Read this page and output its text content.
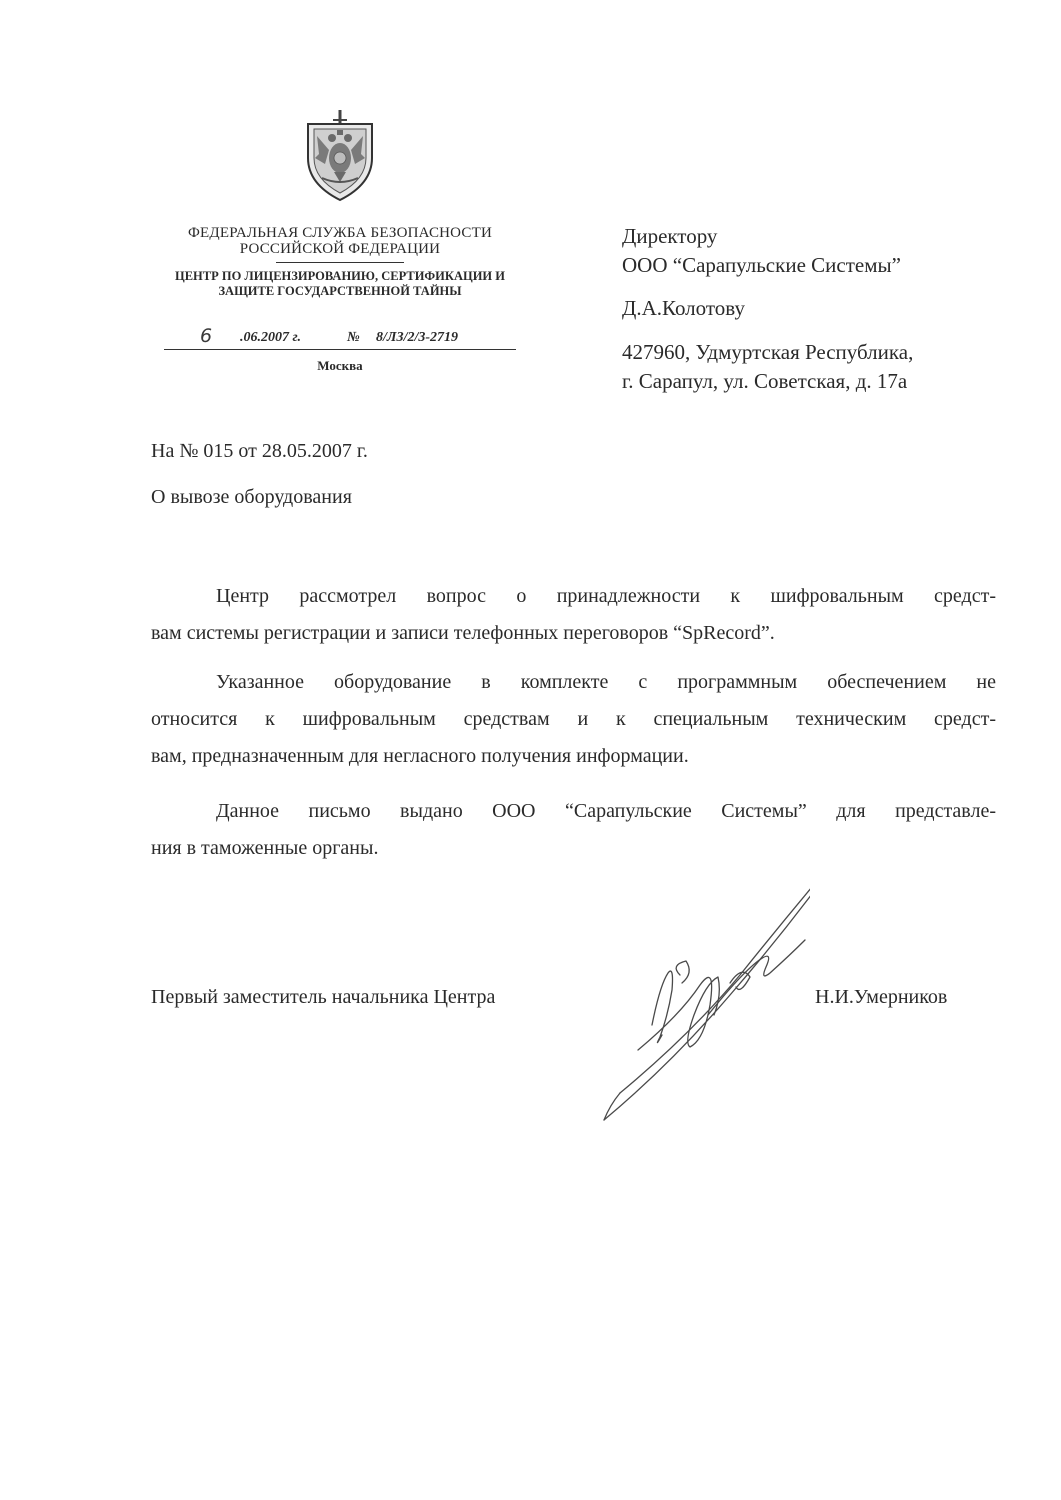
ФЕДЕРАЛЬНАЯ СЛУЖБА БЕЗОПАСНОСТИ
РОССИЙСКОЙ ФЕДЕРАЦИИ
ЦЕНТР ПО ЛИЦЕНЗИРОВАНИЮ, СЕРТИФИКАЦИИ И
ЗАЩИТЕ ГОСУДАРСТВЕННОЙ ТАЙНЫ
6 .06.2007 г.	№ 8/ЛЗ/2/3-2719
Москва
Директору
ООО “Сарапульские Системы”
Д.А.Колотову
427960, Удмуртская Республика,
г. Сарапул, ул. Советская, д. 17а
На № 015 от 28.05.2007 г.
О вывозе оборудования
Центр рассмотрел вопрос о принадлежности к шифровальным средст-
вам системы регистрации и записи телефонных переговоров “SpRecord”.
Указанное оборудование в комплекте с программным обеспечением не
относится к шифровальным средствам и к специальным техническим средст-
вам, предназначенным для негласного получения информации.
Данное письмо выдано ООО “Сарапульские Системы” для представле-
ния в таможенные органы.
Первый заместитель начальника Центра	Н.И.Умерников
